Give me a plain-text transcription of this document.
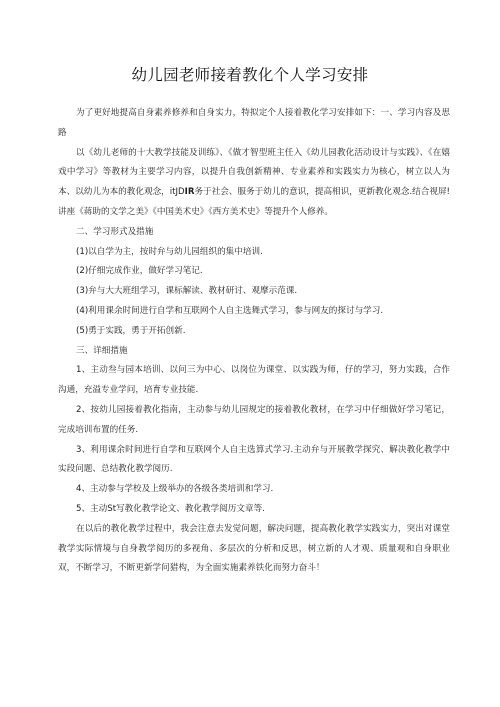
幼儿园老师接着教化个人学习安排

为了更好地提高自身素养修养和自身实力，特拟定个人接着教化学习安排如下：一、学习内容及思路

以《幼儿老师的十大教学技能及训练》、《做才智型班主任入《幼儿园教化活动设计与实践》、《在嬉戏中学习》等教材为主要学习内容，以提升自我创新精神、专业素养和实践实力为核心，树立以人为本、以幼儿为本的教化观念，itJDIR务于社会、服务于幼儿的意识，提高相识，更新教化观念.结合视屏!讲座《蒋助的文学之美》《中国美术史》《西方美术史》等提升个人修养。

二、学习形式及措施

(1)以自学为主，按时弁与幼儿园组织的集中培训.

(2)仔细完成作业，做好学习笔记.

(3)弁与大大班组学习，课标解读、教材研讨、观摩示范课.

(4)利用课余时间进行自学和互联网个人自主选舞式学习，参与网友的探讨与学习.

(5)勇于实践，勇于开拓创新.

三、详细措施

1、主动叁与园本培训、以问三为中心、以岗位为课堂、以实践为师，仔的学习，努力实践，合作沟通，充溢专业学问，培育专业技能.

2、按幼儿园接着教化指南，主动参与幼儿园规定的接着教化教材，在学习中仔细做好学习笔记，完成培训布置的任务.

3、利用课余时间进行自学和互联网个人自主选算式学习.主动弁与开展教学探究、解决教化教学中实段问题、总结教化教学阅历.

4、主动参与学校及上级举办的各级各类培训和学习.

5、主动St写教化教学论文、教化教学阅历文章等.

在以后的教化教学过程中，我会注意去发觉问题，解决问题，提高教化教学实践实力，突出对课堂教学实际情境与自身教学阅历的多视角、多层次的分析和反思，树立新的人才观、质量观和自身职业双，不断学习，不断更新学问猎构，为全面实施素养铁化而努力奋斗！
